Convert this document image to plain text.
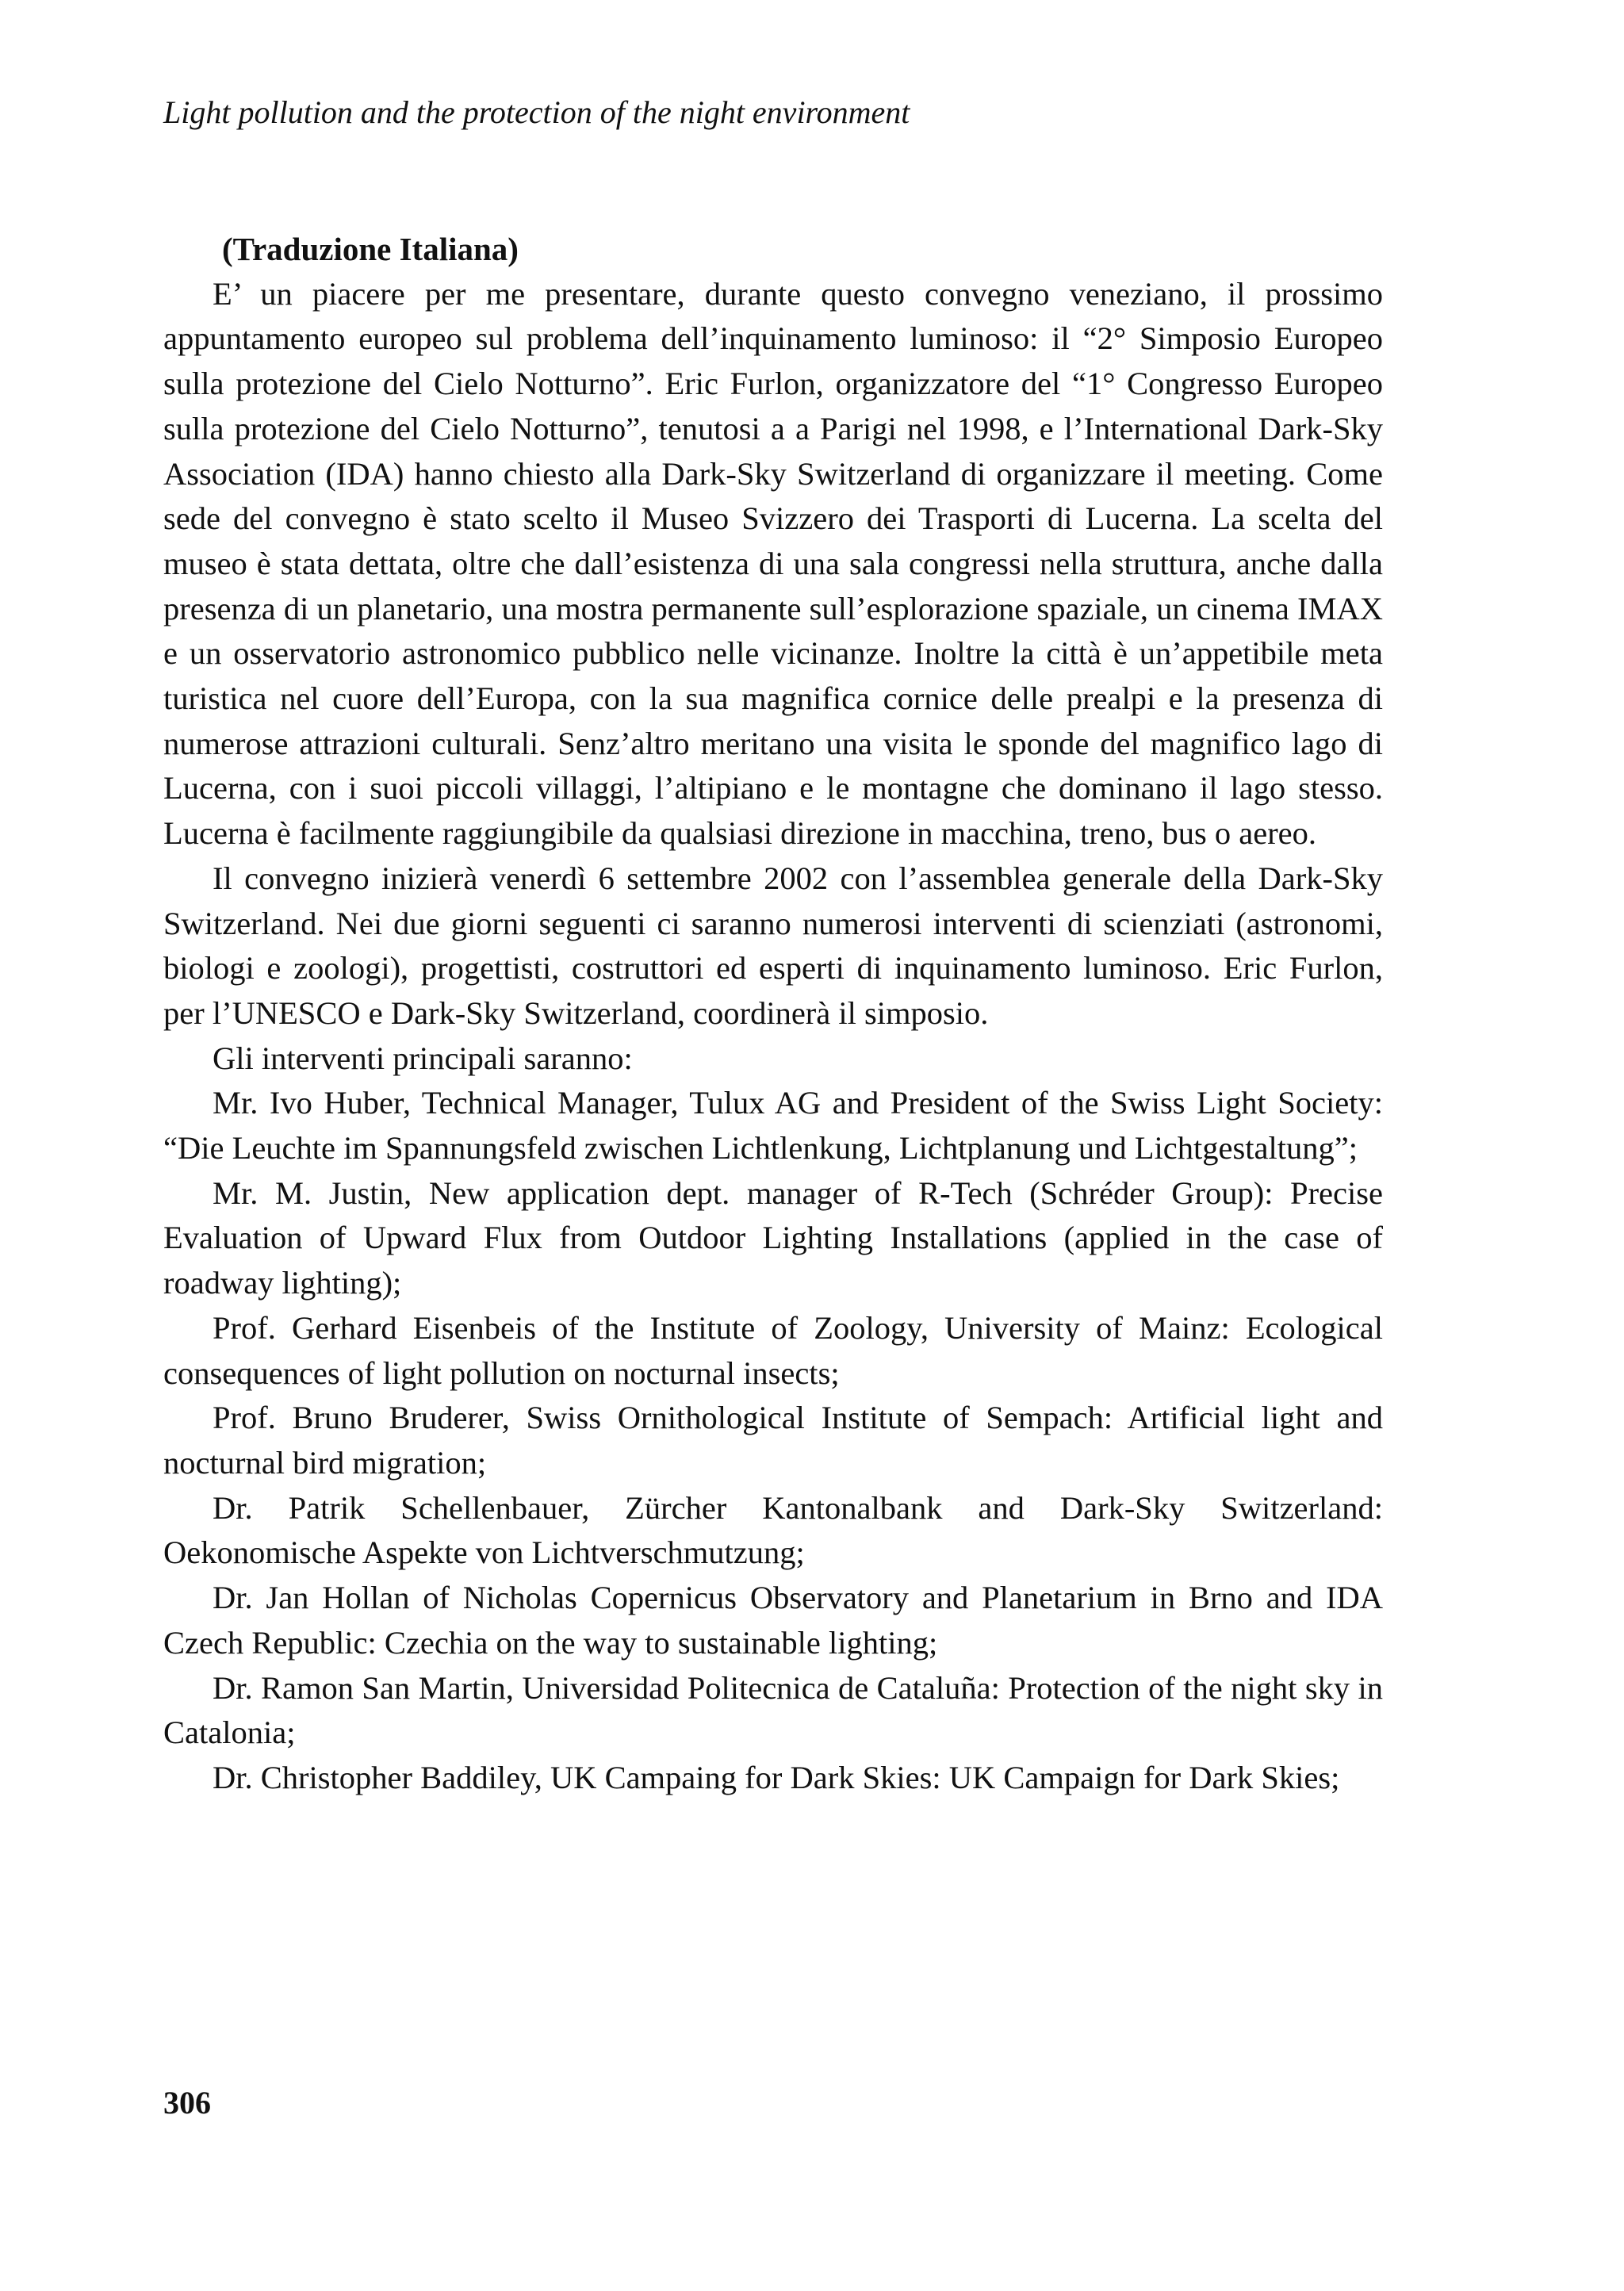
Light pollution and the protection of the night environment
(Traduzione Italiana)

E’ un piacere per me presentare, durante questo convegno veneziano, il prossimo appuntamento europeo sul problema dell’inquinamento luminoso: il “2° Simposio Europeo sulla protezione del Cielo Notturno”. Eric Furlon, organizzatore del “1° Congresso Europeo sulla protezione del Cielo Notturno”, tenutosi a a Parigi nel 1998, e l’International Dark-Sky Association (IDA) hanno chiesto alla Dark-Sky Switzerland di organizzare il meeting. Come sede del convegno è stato scelto il Museo Svizzero dei Trasporti di Lucerna. La scelta del museo è stata dettata, oltre che dall’esistenza di una sala congressi nella struttura, anche dalla presenza di un planetario, una mostra permanente sull’esplorazione spaziale, un cinema IMAX e un osservatorio astronomico pubblico nelle vicinanze. Inoltre la città è un’appetibile meta turistica nel cuore dell’Europa, con la sua magnifica cornice delle prealpi e la presenza di numerose attrazioni culturali. Senz’altro meritano una visita le sponde del magnifico lago di Lucerna, con i suoi piccoli villaggi, l’altipiano e le montagne che dominano il lago stesso. Lucerna è facilmente raggiungibile da qualsiasi direzione in macchina, treno, bus o aereo.

Il convegno inizierà venerdì 6 settembre 2002 con l’assemblea generale della Dark-Sky Switzerland. Nei due giorni seguenti ci saranno numerosi interventi di scienziati (astronomi, biologi e zoologi), progettisti, costruttori ed esperti di inquinamento luminoso. Eric Furlon, per l’UNESCO e Dark-Sky Switzerland, coordinerà il simposio.

Gli interventi principali saranno:

Mr. Ivo Huber, Technical Manager, Tulux AG and President of the Swiss Light Society: “Die Leuchte im Spannungsfeld zwischen Lichtlenkung, Lichtplanung und Lichtgestaltung”;

Mr. M. Justin, New application dept. manager of R-Tech (Schréder Group): Precise Evaluation of Upward Flux from Outdoor Lighting Installations (applied in the case of roadway lighting);

Prof. Gerhard Eisenbeis of the Institute of Zoology, University of Mainz: Ecological consequences of light pollution on nocturnal insects;

Prof. Bruno Bruderer, Swiss Ornithological Institute of Sempach: Artificial light and nocturnal bird migration;

Dr. Patrik Schellenbauer, Zürcher Kantonalbank and Dark-Sky Switzerland: Oekonomische Aspekte von Lichtverschmutzung;

Dr. Jan Hollan of Nicholas Copernicus Observatory and Planetarium in Brno and IDA Czech Republic: Czechia on the way to sustainable lighting;

Dr. Ramon San Martin, Universidad Politecnica de Cataluña: Protection of the night sky in Catalonia;

Dr. Christopher Baddiley, UK Campaing for Dark Skies: UK Campaign for Dark Skies;

306
